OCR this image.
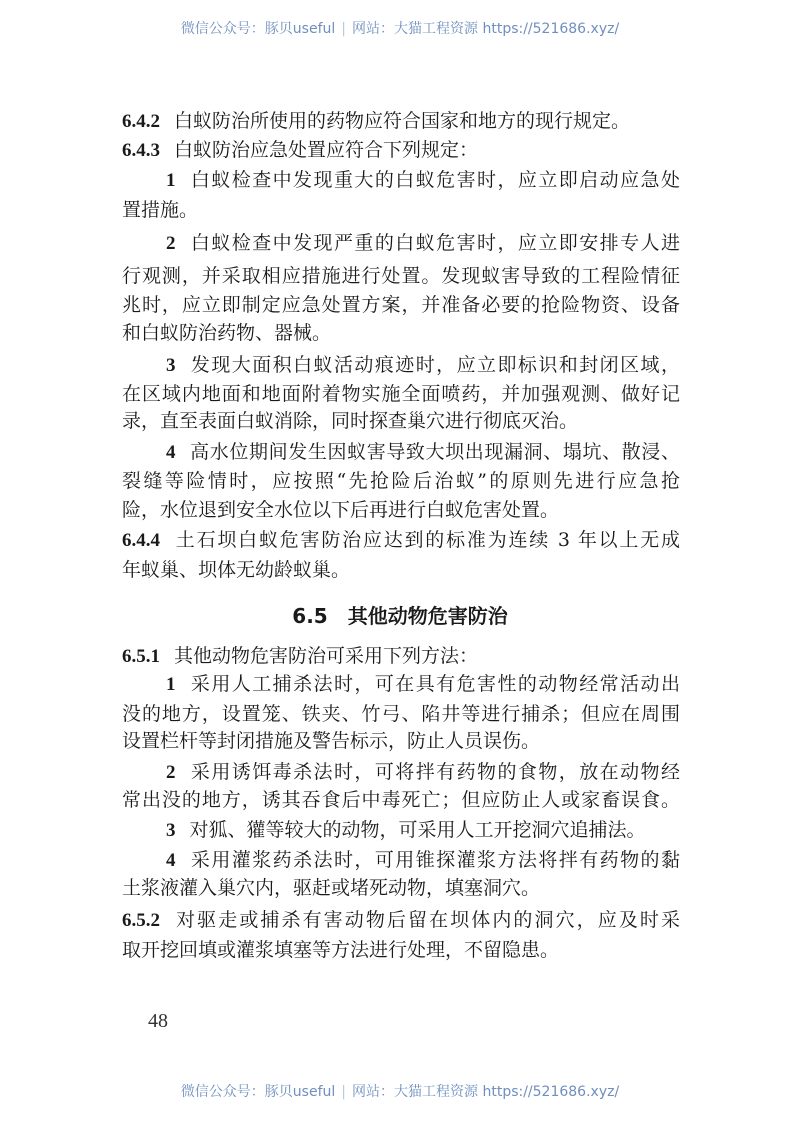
微信公众号：豚贝useful | 网站：大猫工程资源 https://521686.xyz/
6.4.2 白蚁防治所使用的药物应符合国家和地方的现行规定。
6.4.3 白蚁防治应急处置应符合下列规定：
1 白蚁检查中发现重大的白蚁危害时，应立即启动应急处
置措施。
2 白蚁检查中发现严重的白蚁危害时，应立即安排专人进
行观测，并采取相应措施进行处置。发现蚁害导致的工程险情征
兆时，应立即制定应急处置方案，并准备必要的抢险物资、设备
和白蚁防治药物、器械。
3 发现大面积白蚁活动痕迹时，应立即标识和封闭区域，
在区域内地面和地面附着物实施全面喷药，并加强观测、做好记
录，直至表面白蚁消除，同时探查巢穴进行彻底灭治。
4 高水位期间发生因蚁害导致大坝出现漏洞、塌坑、散浸、
裂缝等险情时，应按照“先抢险后治蚁”的原则先进行应急抢
险，水位退到安全水位以下后再进行白蚁危害处置。
6.4.4 土石坝白蚁危害防治应达到的标准为连续 3 年以上无成
年蚁巢、坝体无幼龄蚁巢。
6.5.1 其他动物危害防治可采用下列方法：
1 采用人工捕杀法时，可在具有危害性的动物经常活动出
没的地方，设置笼、铁夹、竹弓、陷井等进行捕杀；但应在周围
设置栏杆等封闭措施及警告标示，防止人员误伤。
2 采用诱饵毒杀法时，可将拌有药物的食物，放在动物经
常出没的地方，诱其吞食后中毒死亡；但应防止人或家畜误食。
3 对狐、獾等较大的动物，可采用人工开挖洞穴追捕法。
4 采用灌浆药杀法时，可用锥探灌浆方法将拌有药物的黏
土浆液灌入巢穴内，驱赶或堵死动物，填塞洞穴。
6.5.2 对驱走或捕杀有害动物后留在坝体内的洞穴，应及时采
取开挖回填或灌浆填塞等方法进行处理，不留隐患。
6.5 其他动物危害防治
48
微信公众号：豚贝useful | 网站：大猫工程资源 https://521686.xyz/
